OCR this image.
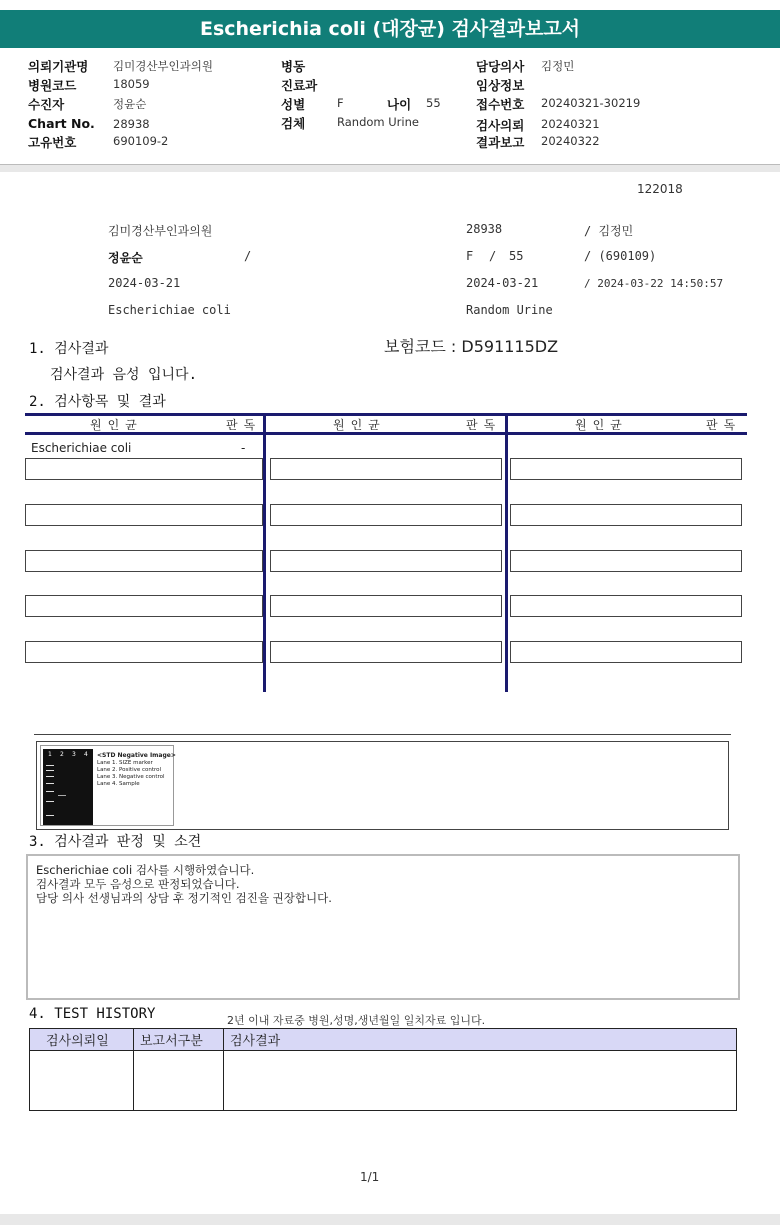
Escherichia coli (대장균) 검사결과보고서
의뢰기관명 김미경산부인과의원
병원코드	18059
수진자	정윤순
Chart No. 28938
고유번호	690109-2
병동
진료과
성별	F	나이 55
검체	Random Urine
담당의사 김정민
임상정보
접수번호 20240321-30219
검사의뢰 20240321
결과보고 20240322
122018
김미경산부인과의원	28938	/ 김정민
정윤순	/	F / 55	/ (690109)
2024-03-21	2024-03-21	/ 2024-03-22 14:50:57
Escherichiae coli	Random Urine
1. 검사결과	보험코드 : D591115DZ
검사결과 음성 입니다.
2. 검사항목 및 결과
원인균	판독	원인균	판독	원인균	판독
Escherichiae coli	-
1 2 3 4 <STD Negative Image>
Lane 1. SIZE marker
Lane 2. Positive control
Lane 3. Negative control
Lane 4. Sample
3. 검사결과 판정 및 소견
Escherichiae coli 검사를 시행하였습니다.
검사결과 모두 음성으로 판정되었습니다.
담당 의사 선생님과의 상담 후 정기적인 검진을 권장합니다.
4. TEST HISTORY	2년 이내 자료중 병원,성명,생년월일 일치자료 입니다.
검사의뢰일	보고서구분	검사결과

1/1
